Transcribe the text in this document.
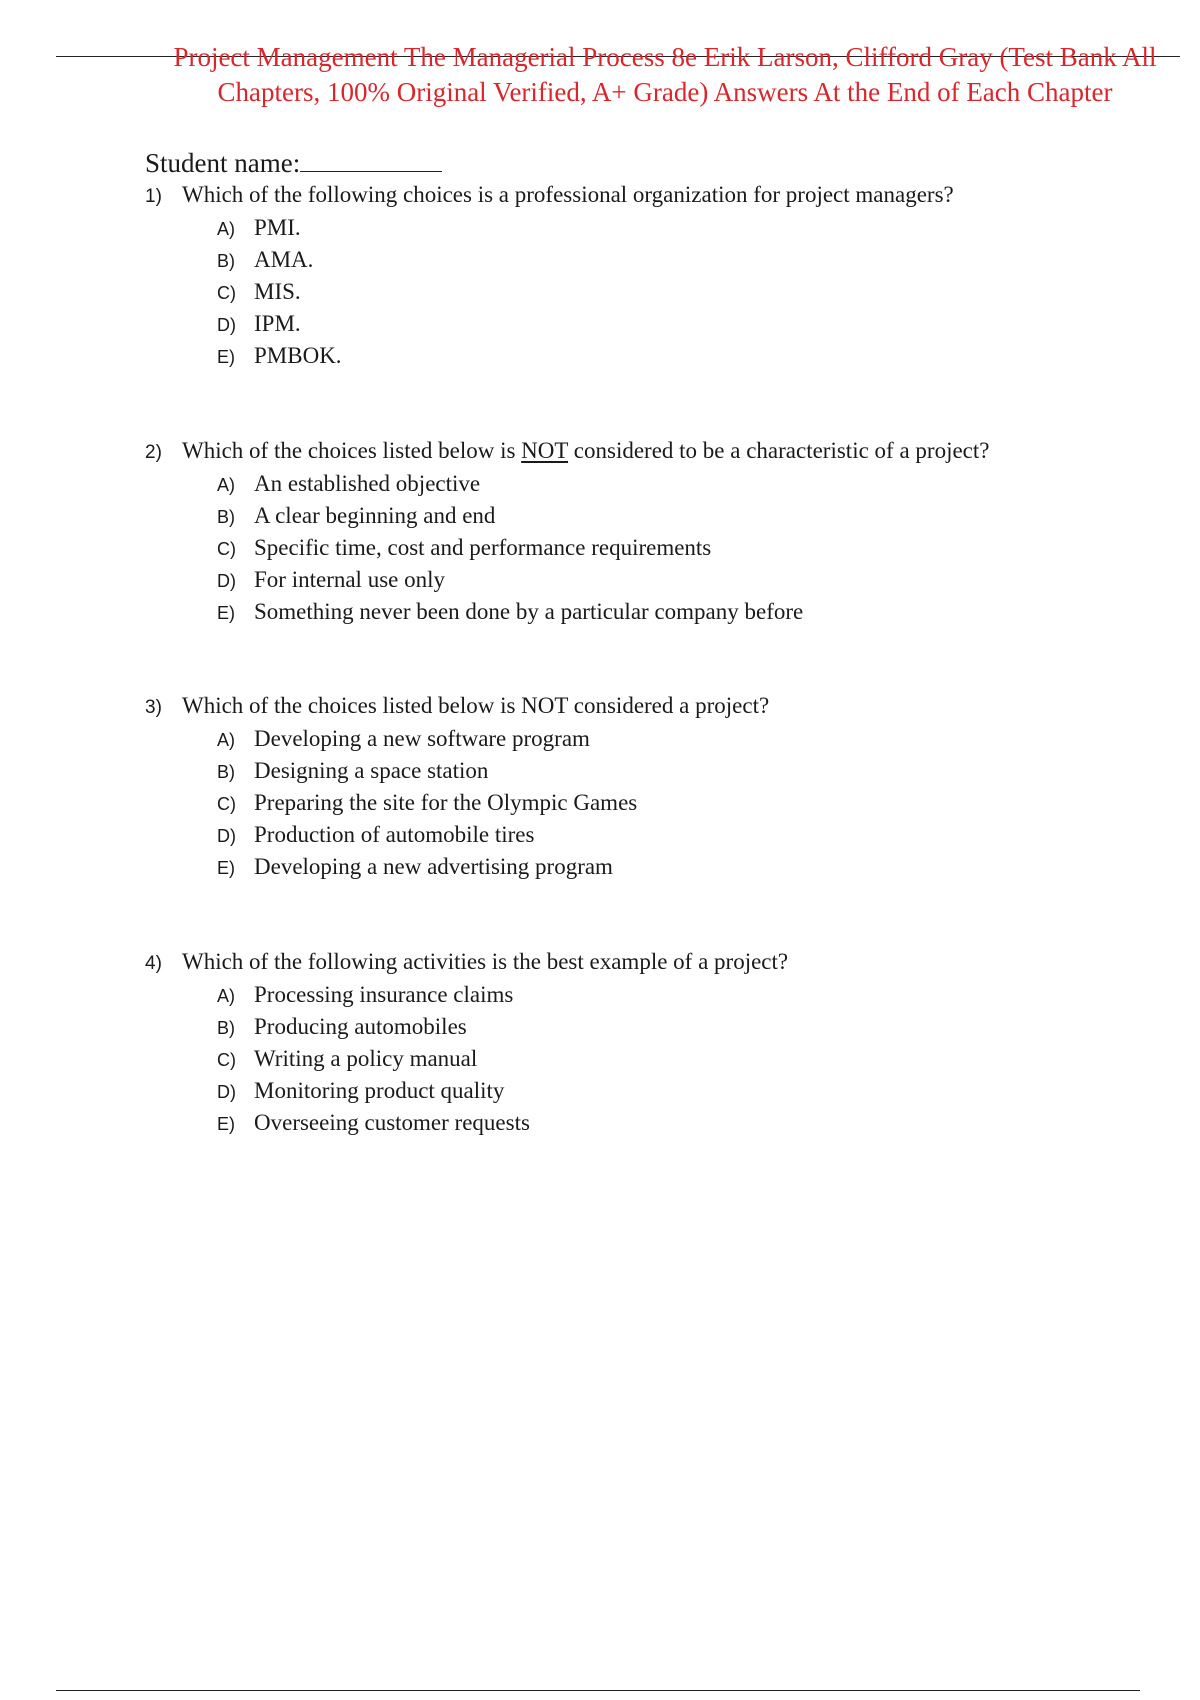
Project Management The Managerial Process 8e Erik Larson, Clifford Gray (Test Bank All
Chapters, 100% Original Verified, A+ Grade) Answers At the End of Each Chapter
Student name:
1) Which of the following choices is a professional organization for project managers?
A) PMI.
B) AMA.
C) MIS.
D) IPM.
E) PMBOK.
2) Which of the choices listed below is NOT considered to be a characteristic of a project?
A) An established objective
B) A clear beginning and end
C) Specific time, cost and performance requirements
D) For internal use only
E) Something never been done by a particular company before
3) Which of the choices listed below is NOT considered a project?
A) Developing a new software program
B) Designing a space station
C) Preparing the site for the Olympic Games
D) Production of automobile tires
E) Developing a new advertising program
4) Which of the following activities is the best example of a project?
A) Processing insurance claims
B) Producing automobiles
C) Writing a policy manual
D) Monitoring product quality
E) Overseeing customer requests
